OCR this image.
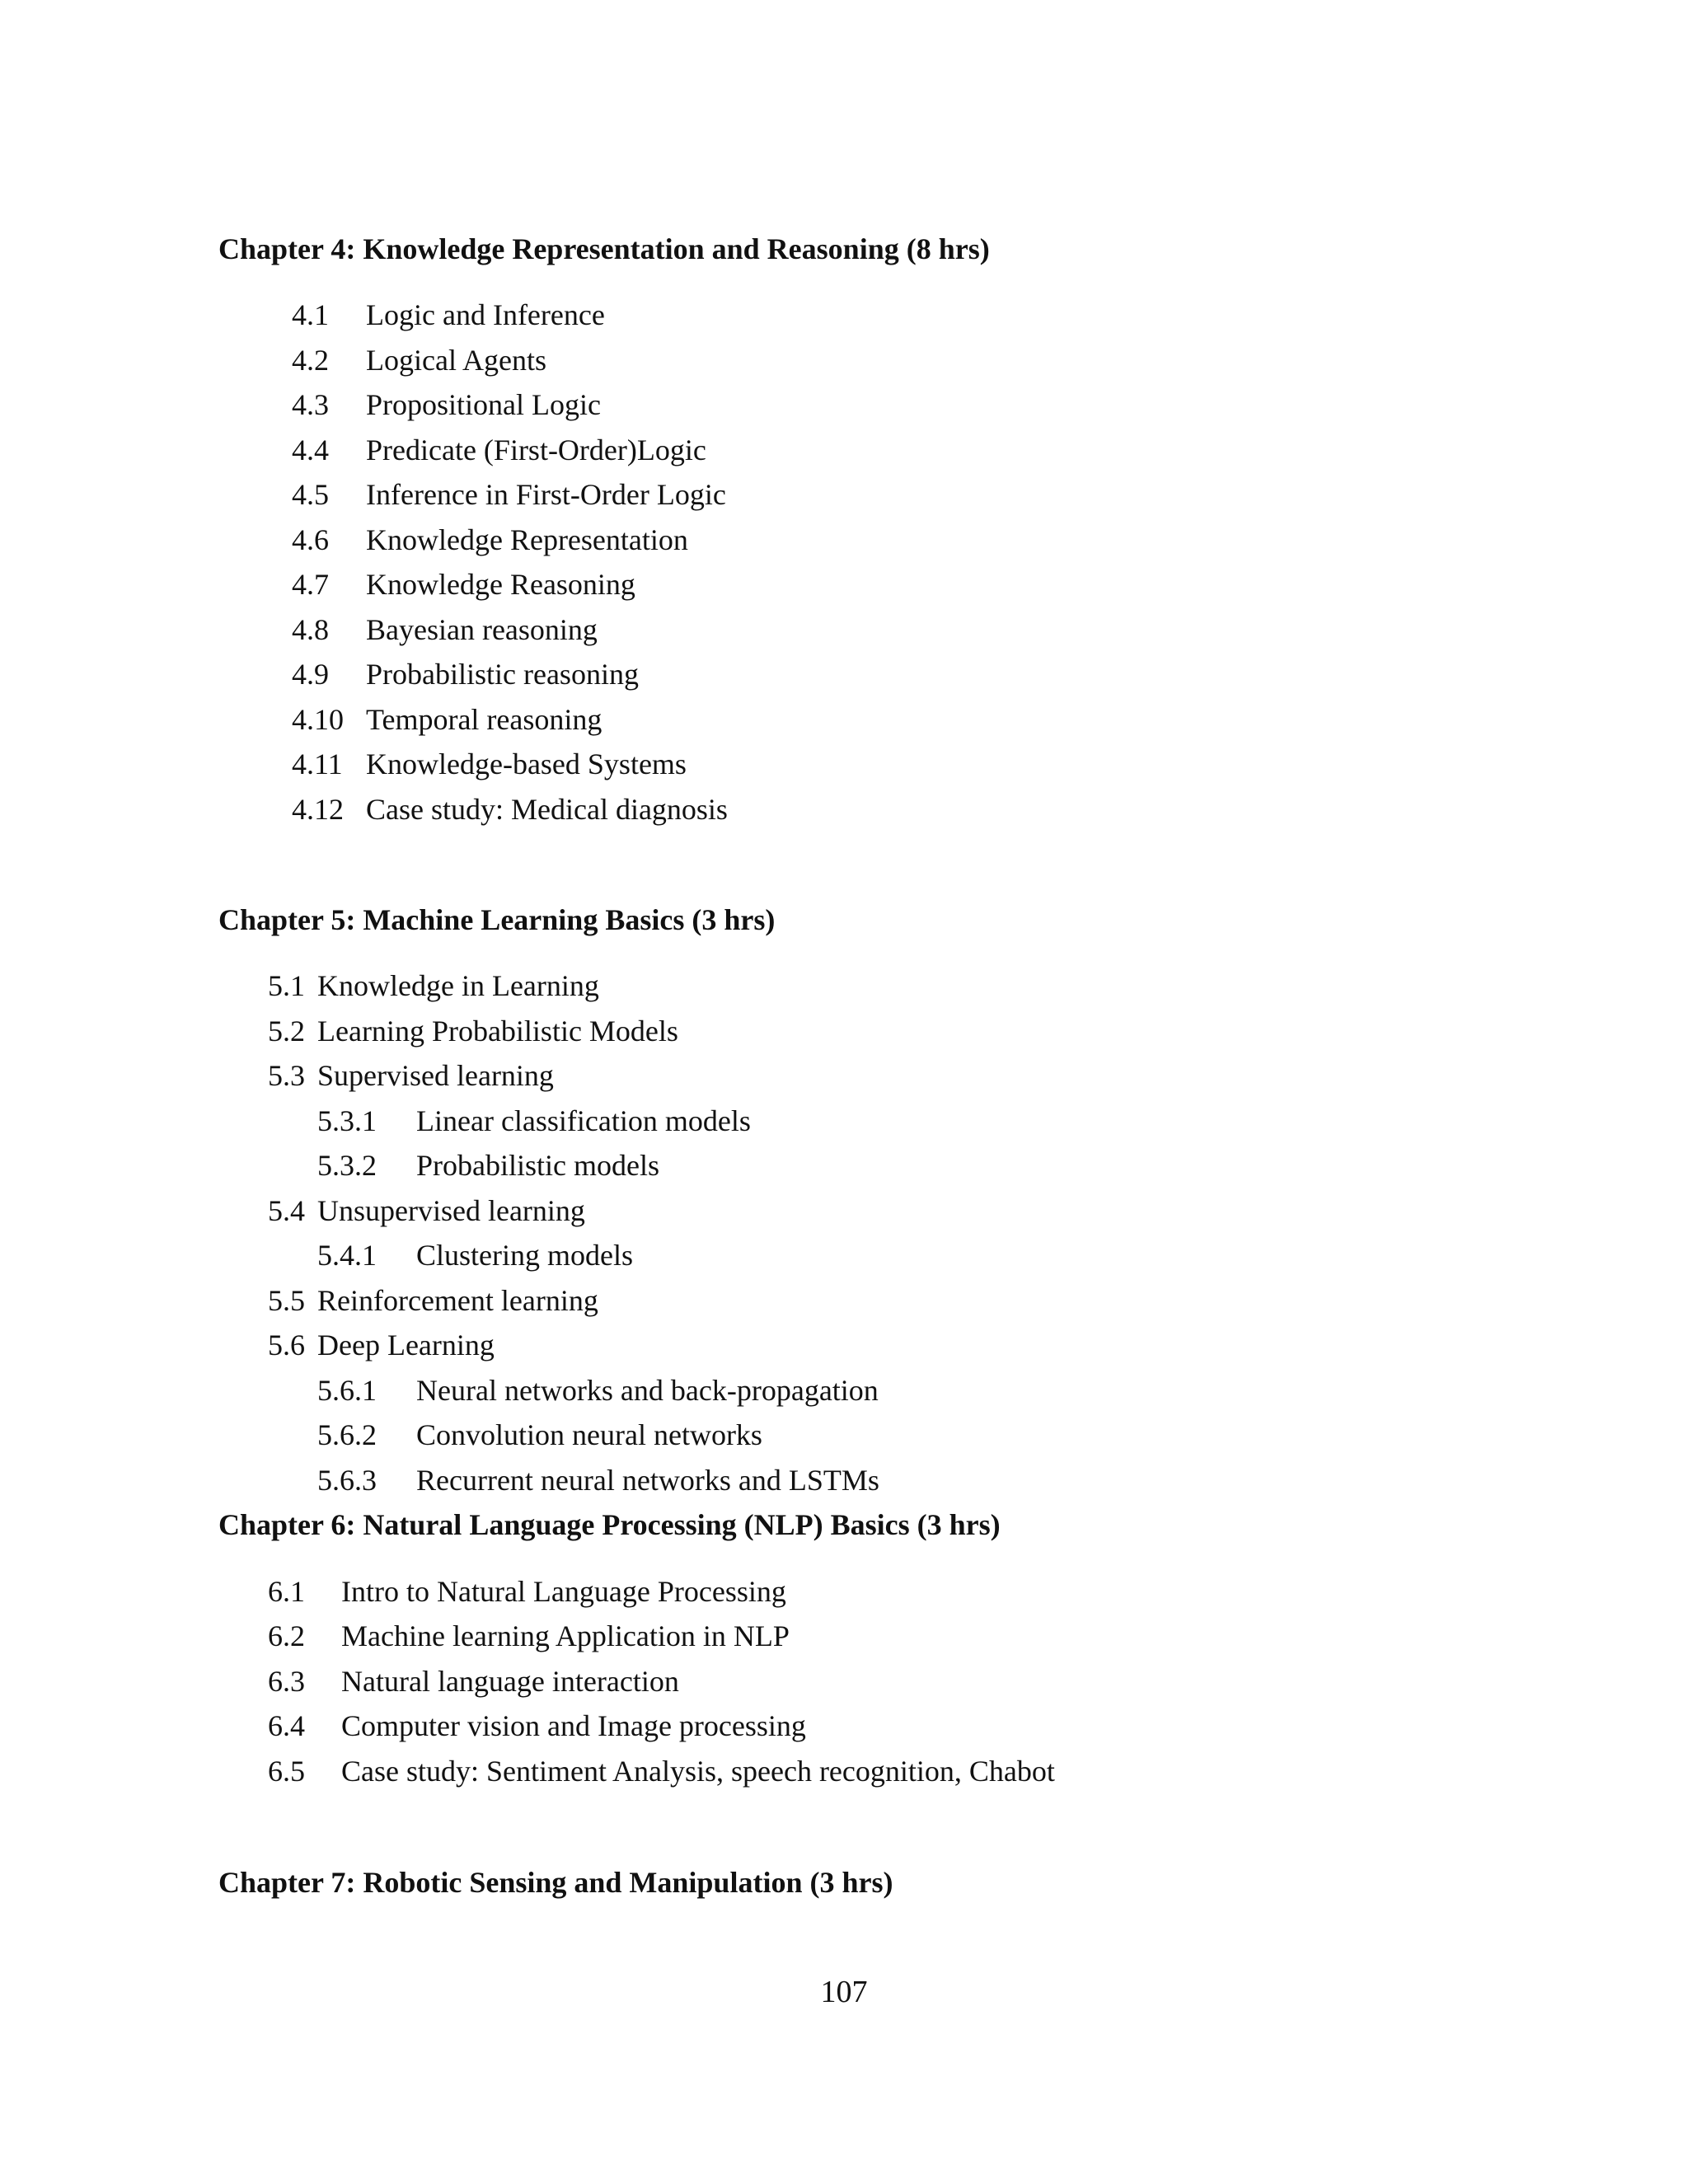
Chapter 4: Knowledge Representation and Reasoning (8 hrs)
4.1 Logic and Inference
4.2 Logical Agents
4.3 Propositional Logic
4.4 Predicate (First-Order)Logic
4.5 Inference in First-Order Logic
4.6 Knowledge Representation
4.7 Knowledge Reasoning
4.8 Bayesian reasoning
4.9 Probabilistic reasoning
4.10 Temporal reasoning
4.11 Knowledge-based Systems
4.12 Case study: Medical diagnosis
Chapter 5: Machine Learning Basics (3 hrs)
5.1 Knowledge in Learning
5.2 Learning Probabilistic Models
5.3 Supervised learning
5.3.1 Linear classification models
5.3.2 Probabilistic models
5.4 Unsupervised learning
5.4.1 Clustering models
5.5 Reinforcement learning
5.6 Deep Learning
5.6.1 Neural networks and back-propagation
5.6.2 Convolution neural networks
5.6.3 Recurrent neural networks and LSTMs
Chapter 6: Natural Language Processing (NLP) Basics (3 hrs)
6.1 Intro to Natural Language Processing
6.2 Machine learning Application in NLP
6.3 Natural language interaction
6.4 Computer vision and Image processing
6.5 Case study: Sentiment Analysis, speech recognition, Chabot
Chapter 7: Robotic Sensing and Manipulation (3 hrs)
107
